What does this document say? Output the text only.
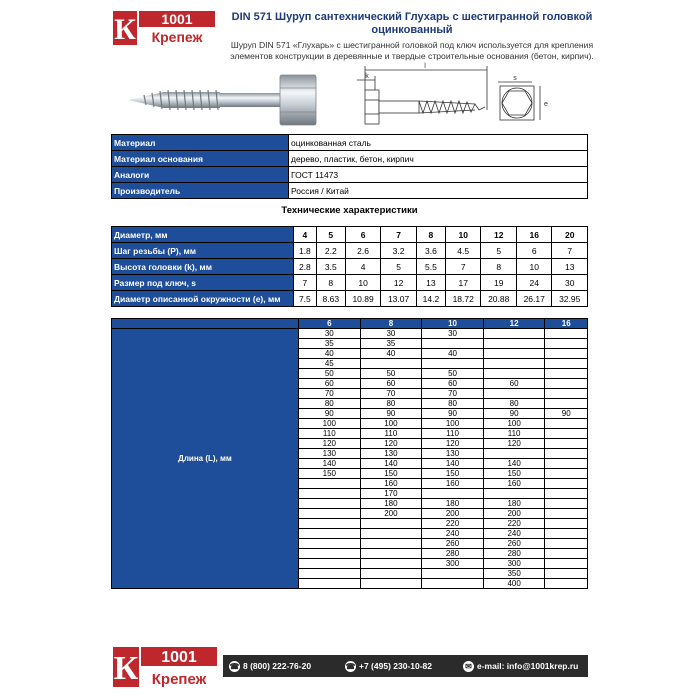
К 1001
Крепеж
DIN 571 Шуруп сантехнический Глухарь с шестигранной головкой
оцинкованный
Шуруп DIN 571 «Глухарь» с шестигранной головкой под ключ используется для крепления элементов конструкции в деревянные и твердые строительные основания (бетон, кирпич).
l
k	s
e
Материал	оцинкованная сталь
Материал основания	дерево, пластик, бетон, кирпич
Аналоги	ГОСТ 11473
Производитель	Россия / Китай
Технические характеристики
Диаметр, мм	4	5	6	7	8	10	12	16	20
Шаг резьбы (P), мм	1.8	2.2	2.6	3.2	3.6	4.5	5	6	7
Высота головки (k), мм	2.8	3.5	4	5	5.5	7	8	10	13
Размер под ключ, s	7	8	10	12	13	17	19	24	30
Диаметр описанной окружности (e), мм	7.5	8.63	10.89	13.07	14.2	18.72	20.88	26.17	32.95
	6	8	10	12	16
Длина (L), мм	30	30	30		
	35	35			
	40	40	40		
	45				
	50	50	50		
	60	60	60	60	
	70	70	70		
	80	80	80	80	
	90	90	90	90	90
	100	100	100	100	
	110	110	110	110	
	120	120	120	120	
	130	130	130		
	140	140	140	140	
	150	150	150	150	
		160	160	160	
		170			
		180	180	180	
		200	200	200	
			220	220	
			240	240	
			260	260	
			280	280	
			300	300	
				350	
				400	
К 1001
Крепеж
☎ 8 (800) 222-76-20	☎ +7 (495) 230-10-82	✉ e-mail: info@1001krep.ru
